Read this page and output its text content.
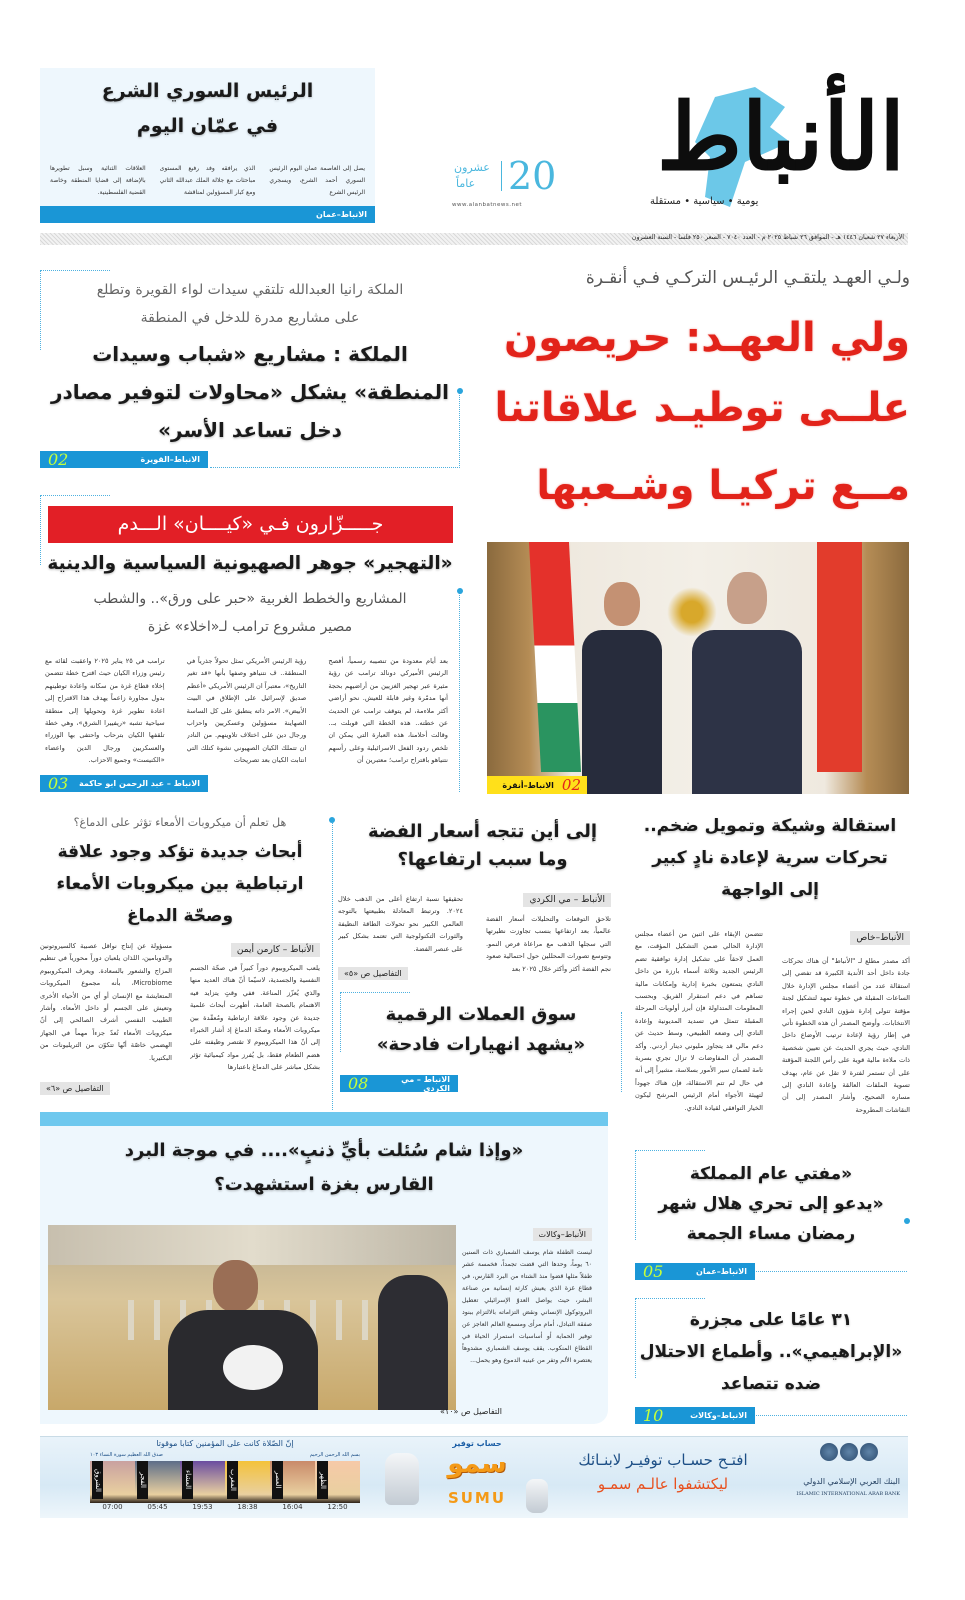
الأنباط
يومية • سياسية • مستقلة
20
عشرون
عاماً
www.alanbatnews.net
الرئيس السوري الشرع
في عمّان اليوم
يصل إلى العاصمة عمان اليوم الرئيس السوري أحمد الشرع، ويسجري الرئيس الشرع
الذي يرافقه وفد رفيع المستوى مباحثات مع جلالة الملك عبدالله الثاني ومع كبار المسؤولين لمناقشة
العلاقات الثنائية وسبل تطويرها بالإضافة إلى قضايا المنطقة وخاصة القضية الفلسطينية.
الانباط–عمان
الأربعاء ٢٧ شعبان ١٤٤٦ هـ - الموافق ٢٦ شباط ٢٠٢٥ م - العدد ٧٠٤٠ - السعر ٢٥٠ فلسا - السنة العشرون
ولـي العهـد يلتقـي الرئيـس التركـي فـي أنقـرة
ولي العهـد: حريصون
علــى توطيـد علاقاتنا
مــع تركيـا وشـعبها
02
الانباط–أنقرة
الملكة رانيا العبدالله تلتقي سيدات لواء القويرة وتطلع
على مشاريع مدرة للدخل في المنطقة
الملكة : مشاريع «شباب وسيدات
المنطقة» يشكل «محاولات لتوفير مصادر
دخل تساعد الأسر»
الانباط–القويرة
02
جـــــزّارون فـي «كيــــان» الـــدم
«التهجير» جوهر الصهيونية السياسية والدينية
المشاريع والخطط الغربية «حبر على ورق».. والشطب
مصير مشروع ترامب لـ«اخلاء» غزة
بعد أيام معدودة من تنصيبه رسمياً، أفصح الرئيس الأميركي دونالد ترامب عن رؤية مثيرة عبر تهجير الغزيين من أراضيهم بحجة أنها مدمّرة وغير قابلة للعيش. نحو أراضي أكثر ملاءمة، لم يتوقف ترامب عن الحديث عن خطته.. هذه الخطة التي قوبلت بـ.. وقالت أحلامنا، هذه العبارة التي يمكن ان تلخص ردود الفعل الاسرائيلية وعلى رأسهم نتنياهو باقتراح ترامب؛ معتبرين أن
رؤية الرئيس الأمريكي تمثل تحولاً جذرياً في المنطقة.. ف نتنياهو وصفها بأنها «قد تغير التاريخ»، معتبراً ان الرئيس الأمريكي «أعظم صديق لإسرائيل على الإطلاق في البيت الأبيض». الامر ذاته ينطبق على كل الساسة الصهاينة مسؤولين وعسكريين واحزاب ورجال دين على اختلاف تلاوينهم. من النادر ان تتملك الكيان الصهيوني نشوة كتلك التي انتابت الكيان بعد تصريحات
ترامب في ٢٥ يناير ٢٠٢٥ واعقبت لقائه مع رئيس وزراء الكيان حيث اقترح خطة تتضمن إخلاء قطاع غزة من سكانه واعادة توطينهم بدول مجاورة زاعماً يهدف هذا الاقتراح إلى اعادة تطوير غزة وتحويلها إلى منطقة سياحية تشبه «ريفييرا الشرق»، وهي خطة تلقفها الكيان بترحاب واحتفى بها الوزراء والعسكريين ورجال الدين واعضاء «الكنيست» وجميع الاحزاب.
الانباط – عبد الرحمن ابو حاكمة
03
استقالة وشيكة وتمويل ضخم..
تحركات سرية لإعادة نادٍ كبير
إلى الواجهة
الأنباط–خاص
أكد مصدر مطلع لـ "الأنباط" أن هناك تحركات جادة داخل أحد الأندية الكبيرة قد تفضي إلى استقالة عدد من أعضاء مجلس الإدارة خلال الساعات المقبلة في خطوة تمهد لتشكيل لجنة مؤقتة تتولى إدارة شؤون النادي لحين إجراء الانتخابات. وأوضح المصدر أن هذه الخطوة تأتي في إطار رؤية لإعادة ترتيب الأوضاع داخل النادي، حيث يجري الحديث عن تعيين شخصية ذات ملاءة مالية قوية على رأس اللجنة المؤقتة على أن تستمر لفترة لا تقل عن عام، بهدف تسوية الملفات العالقة وإعادة النادي إلى مساره الصحيح. وأشار المصدر إلى أن النقاشات المطروحة
تتضمن الإبقاء على اثنين من أعضاء مجلس الإدارة الحالي ضمن التشكيل المؤقت، مع العمل لاحقاً على تشكيل إدارة توافقية تضم الرئيس الجديد وثلاثة أسماء بارزة من داخل النادي يتمتعون بخبرة إدارية وإمكانات مالية تساهم في دعم استقرار الفريق. وبحسب المعلومات المتداولة فإن أبرز أولويات المرحلة المقبلة تتمثل في تسديد المديونية وإعادة النادي إلى وضعه الطبيعي، وسط حديث عن دعم مالي قد يتجاوز مليوني دينار أردني. وأكد المصدر أن المفاوضات لا تزال تجري بسرية تامة لضمان سير الأمور بسلاسة، مشيراً إلى أنه في حال لم تتم الاستقالة، فإن هناك جهوداً لتهيئة الأجواء أمام الرئيس المرشح ليكون الخيار التوافقي لقيادة النادي.
إلى أين تتجه أسعار الفضة
وما سبب ارتفاعها؟
الأنباط – مي الكردي
تلاحق التوقعات والتحليلات أسعار الفضة عالمياً، بعد ارتفاعها بنسب تجاوزت نظيرتها التي سجلها الذهب مع مراعاة فرص النمو. وتتوسع تصورات المحللين حول احتمالية صعود نجم الفضة أكثر وأكثر خلال ٢٠٢٥ بعد
تحقيقها نسبة ارتفاع أعلى من الذهب خلال ٢٠٢٤. وترتبط المعادلة بطبيعتها بالتوجه العالمي الكبير نحو تحولات الطاقة النظيفة والثورات التكنولوجية التي تعتمد بشكل كبير على عنصر الفضة.
التفاصيل ص «٥»
سوق العملات الرقمية
«يشهد انهيارات فادحة»
الانباط – مي الكردي
08
هل تعلم أن ميكروبات الأمعاء تؤثر على الدماغ؟
أبحاث جديدة تؤكد وجود علاقة
ارتباطية بين ميكروبات الأمعاء
وصحّة الدماغ
الأنباط – كارمن أيمن
يلعب الميكروبيوم دوراً كبيراً في صحّة الجسم النفسية والجسدية، لاسيّما أنّ هناك العديد منها والذي يُعزّز المناعة. ففي وقتٍ يتزايد فيه الاهتمام بالصحة العامة، أظهرت أبحاث علمية جديدة عن وجود علاقة ارتباطية ومُعقّدة بين ميكروبات الأمعاء وصحّة الدماغ إذ أشار الخبراء إلى أنّ هذا الميكروبيوم لا تقتصر وظيفته على هضم الطعام فقط، بل يُفرز مواد كيميائية تؤثر بشكل مباشر على الدماغ باعتبارها
مسؤولة عن إنتاج نواقل عصبية كالسيروتونين والدوبامين، اللذان يلعبان دوراً محورياً في تنظيم المزاج والشعور بالسعادة. ويعرف الميكروبيوم Microbiome، بأنه مجموع الميكروبات المتعايشة مع الإنسان أو أي من الأحياء الأخرى وتعيش على الجسم أو داخل الأمعاء. وأشار الطبيب النفسي أشرف الصالحي إلى أنّ ميكروبات الأمعاء تُعدّ جزءاً مهماً في الجهاز الهضمي خاصّة أنّها تتكوّن من التريليونات من البكتيريا.
التفاصيل ص «٦»
«وإذا شام سُئلت بأيِّ ذنبٍ».... في موجة البرد
القارس بغزة استشهدت؟
الأنباط–وكالات
ليست الطفلة شام يوسف الشمباري ذات السنين ٦٠ يوماً، وحدها التي قضت تجمداً، فخمسة عشر طفلاً مثلها قضوا منذ الشتاء من البرد القارس، في قطاع غزة الذي يعيش كارثة إنسانية من صناعة البشر، حيث يواصل العدوّ الإسرائيلي تعطيل البروتوكول الإنساني ونقض التزاماته بالالتزام ببنود صفقة التبادل، أمام مرأى ومسمع العالم العاجز عن توفير الحماية أو أساسيات استمرار الحياة في القطاع المنكوب. يقف يوسف الشمباري مشدوهاً يعتصره الألم وتفر من عينيه الدموع وهو يحمل...
التفاصيل ص «١٠»
«مفتي عام المملكة
«يدعو إلى تحري هلال شهر
رمضان مساء الجمعة
الانباط–عمان
05
٣١ عامًا على مجزرة
«الإبراهيمي».. وأطماع الاحتلال
ضده تتصاعد
الانباط–وكالات
10
البنك العربي الإسلامي الدولي
ISLAMIC INTERNATIONAL ARAB BANK
افتـح حسـاب توفيـر لابنـائك
ليكتشفوا عالـم سمـو
حساب توفير
سمو
SUMU
إنّ الصّلاة كانت على المؤمنين كتابا موقوتا
بسم الله الرحمن الرحيم
صدق الله العظيم سورة النساء ١٠٣
الظهر
العصر
المغرب
العشاء
الفجر
الشروق
12:50
16:04
18:38
19:53
05:45
07:00
